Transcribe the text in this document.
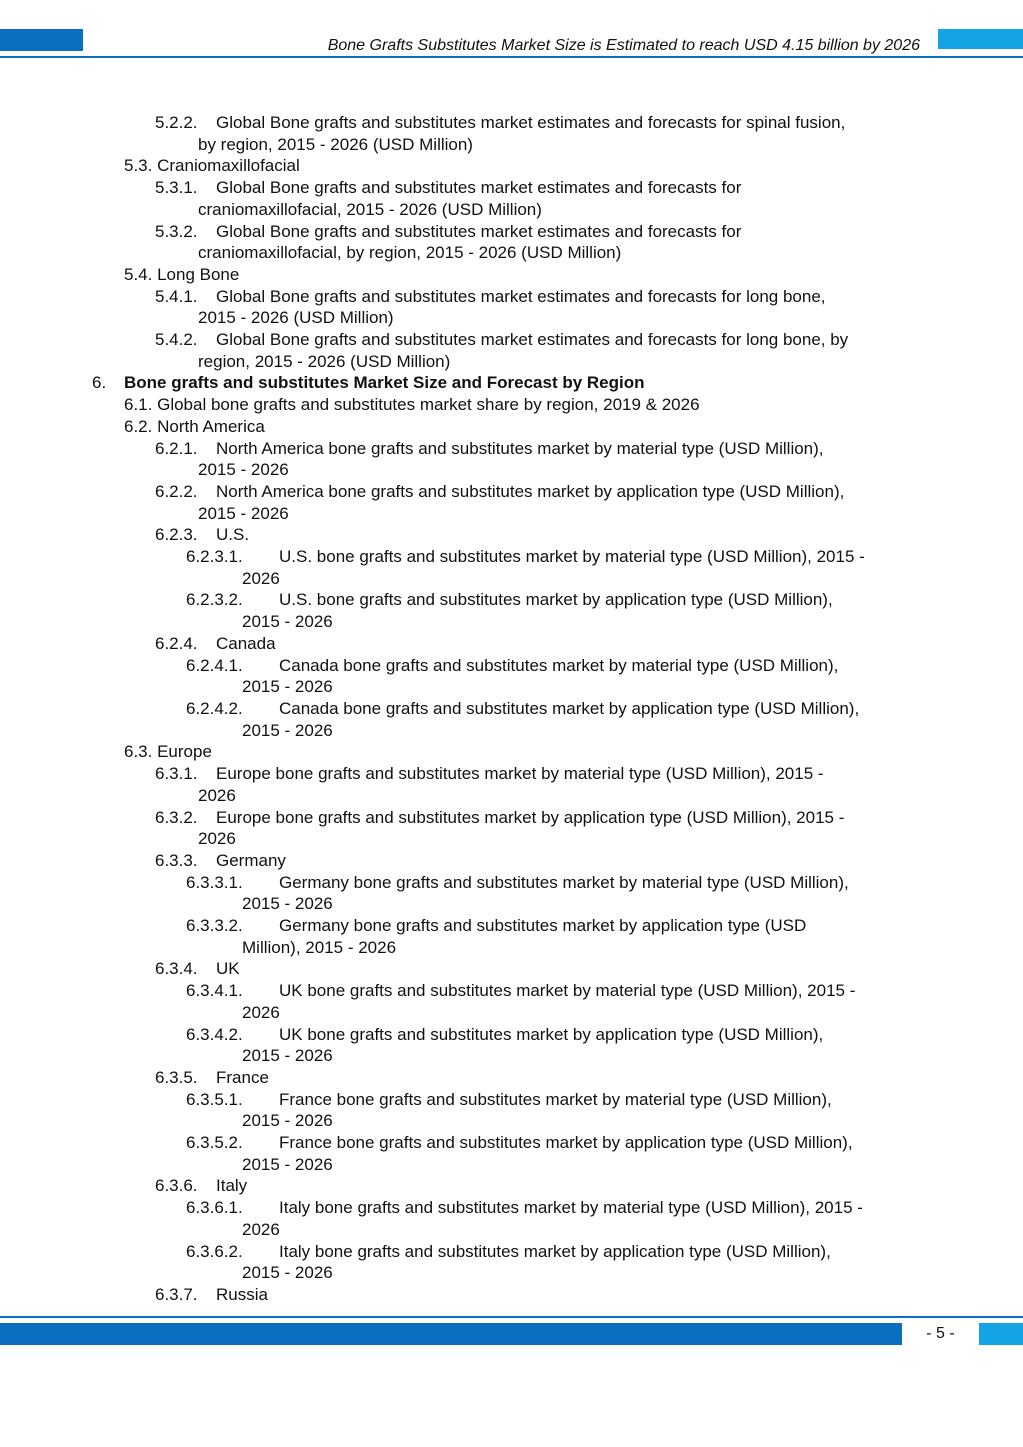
Bone Grafts Substitutes Market Size is Estimated to reach USD 4.15 billion by 2026
5.2.2. Global Bone grafts and substitutes market estimates and forecasts for spinal fusion,
by region, 2015 - 2026 (USD Million)
5.3. Craniomaxillofacial
5.3.1. Global Bone grafts and substitutes market estimates and forecasts for
craniomaxillofacial, 2015 - 2026 (USD Million)
5.3.2. Global Bone grafts and substitutes market estimates and forecasts for
craniomaxillofacial, by region, 2015 - 2026 (USD Million)
5.4. Long Bone
5.4.1. Global Bone grafts and substitutes market estimates and forecasts for long bone,
2015 - 2026 (USD Million)
5.4.2. Global Bone grafts and substitutes market estimates and forecasts for long bone, by
region, 2015 - 2026 (USD Million)
6. Bone grafts and substitutes Market Size and Forecast by Region
6.1. Global bone grafts and substitutes market share by region, 2019 & 2026
6.2. North America
6.2.1. North America bone grafts and substitutes market by material type (USD Million),
2015 - 2026
6.2.2. North America bone grafts and substitutes market by application type (USD Million),
2015 - 2026
6.2.3. U.S.
6.2.3.1. U.S. bone grafts and substitutes market by material type (USD Million), 2015 -
2026
6.2.3.2. U.S. bone grafts and substitutes market by application type (USD Million),
2015 - 2026
6.2.4. Canada
6.2.4.1. Canada bone grafts and substitutes market by material type (USD Million),
2015 - 2026
6.2.4.2. Canada bone grafts and substitutes market by application type (USD Million),
2015 - 2026
6.3. Europe
6.3.1. Europe bone grafts and substitutes market by material type (USD Million), 2015 -
2026
6.3.2. Europe bone grafts and substitutes market by application type (USD Million), 2015 -
2026
6.3.3. Germany
6.3.3.1. Germany bone grafts and substitutes market by material type (USD Million),
2015 - 2026
6.3.3.2. Germany bone grafts and substitutes market by application type (USD
Million), 2015 - 2026
6.3.4. UK
6.3.4.1. UK bone grafts and substitutes market by material type (USD Million), 2015 -
2026
6.3.4.2. UK bone grafts and substitutes market by application type (USD Million),
2015 - 2026
6.3.5. France
6.3.5.1. France bone grafts and substitutes market by material type (USD Million),
2015 - 2026
6.3.5.2. France bone grafts and substitutes market by application type (USD Million),
2015 - 2026
6.3.6. Italy
6.3.6.1. Italy bone grafts and substitutes market by material type (USD Million), 2015 -
2026
6.3.6.2. Italy bone grafts and substitutes market by application type (USD Million),
2015 - 2026
6.3.7. Russia
- 5 -
